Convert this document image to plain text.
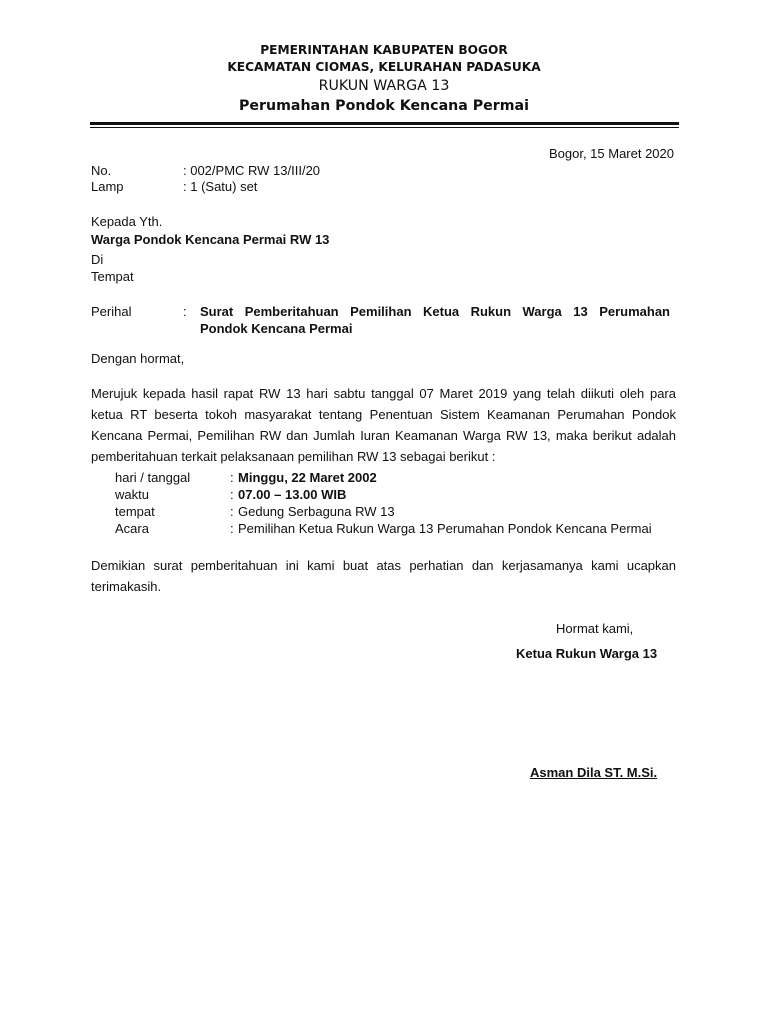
PEMERINTAHAN KABUPATEN BOGOR
KECAMATAN CIOMAS, KELURAHAN PADASUKA
RUKUN WARGA 13
Perumahan Pondok Kencana Permai
Bogor, 15 Maret 2020
No.	: 002/PMC RW 13/III/20
Lamp	: 1 (Satu) set
Kepada Yth.
Warga Pondok Kencana Permai RW 13
Di
Tempat
Perihal	: Surat Pemberitahuan Pemilihan Ketua Rukun Warga 13 Perumahan
Pondok Kencana Permai
Dengan hormat,
Merujuk kepada hasil rapat RW 13 hari sabtu tanggal 07 Maret 2019 yang telah diikuti oleh para ketua RT beserta tokoh masyarakat tentang Penentuan Sistem Keamanan Perumahan Pondok Kencana Permai, Pemilihan RW dan Jumlah Iuran Keamanan Warga RW 13, maka berikut adalah pemberitahuan terkait pelaksanaan pemilihan RW 13 sebagai berikut :
hari / tanggal	: Minggu, 22 Maret 2002
waktu	: 07.00 – 13.00 WIB
tempat	: Gedung Serbaguna RW 13
Acara	: Pemilihan Ketua Rukun Warga 13 Perumahan Pondok Kencana Permai
Demikian surat pemberitahuan ini kami buat atas perhatian dan kerjasamanya kami ucapkan terimakasih.
Hormat kami,
Ketua Rukun Warga 13
Asman Dila ST. M.Si.
